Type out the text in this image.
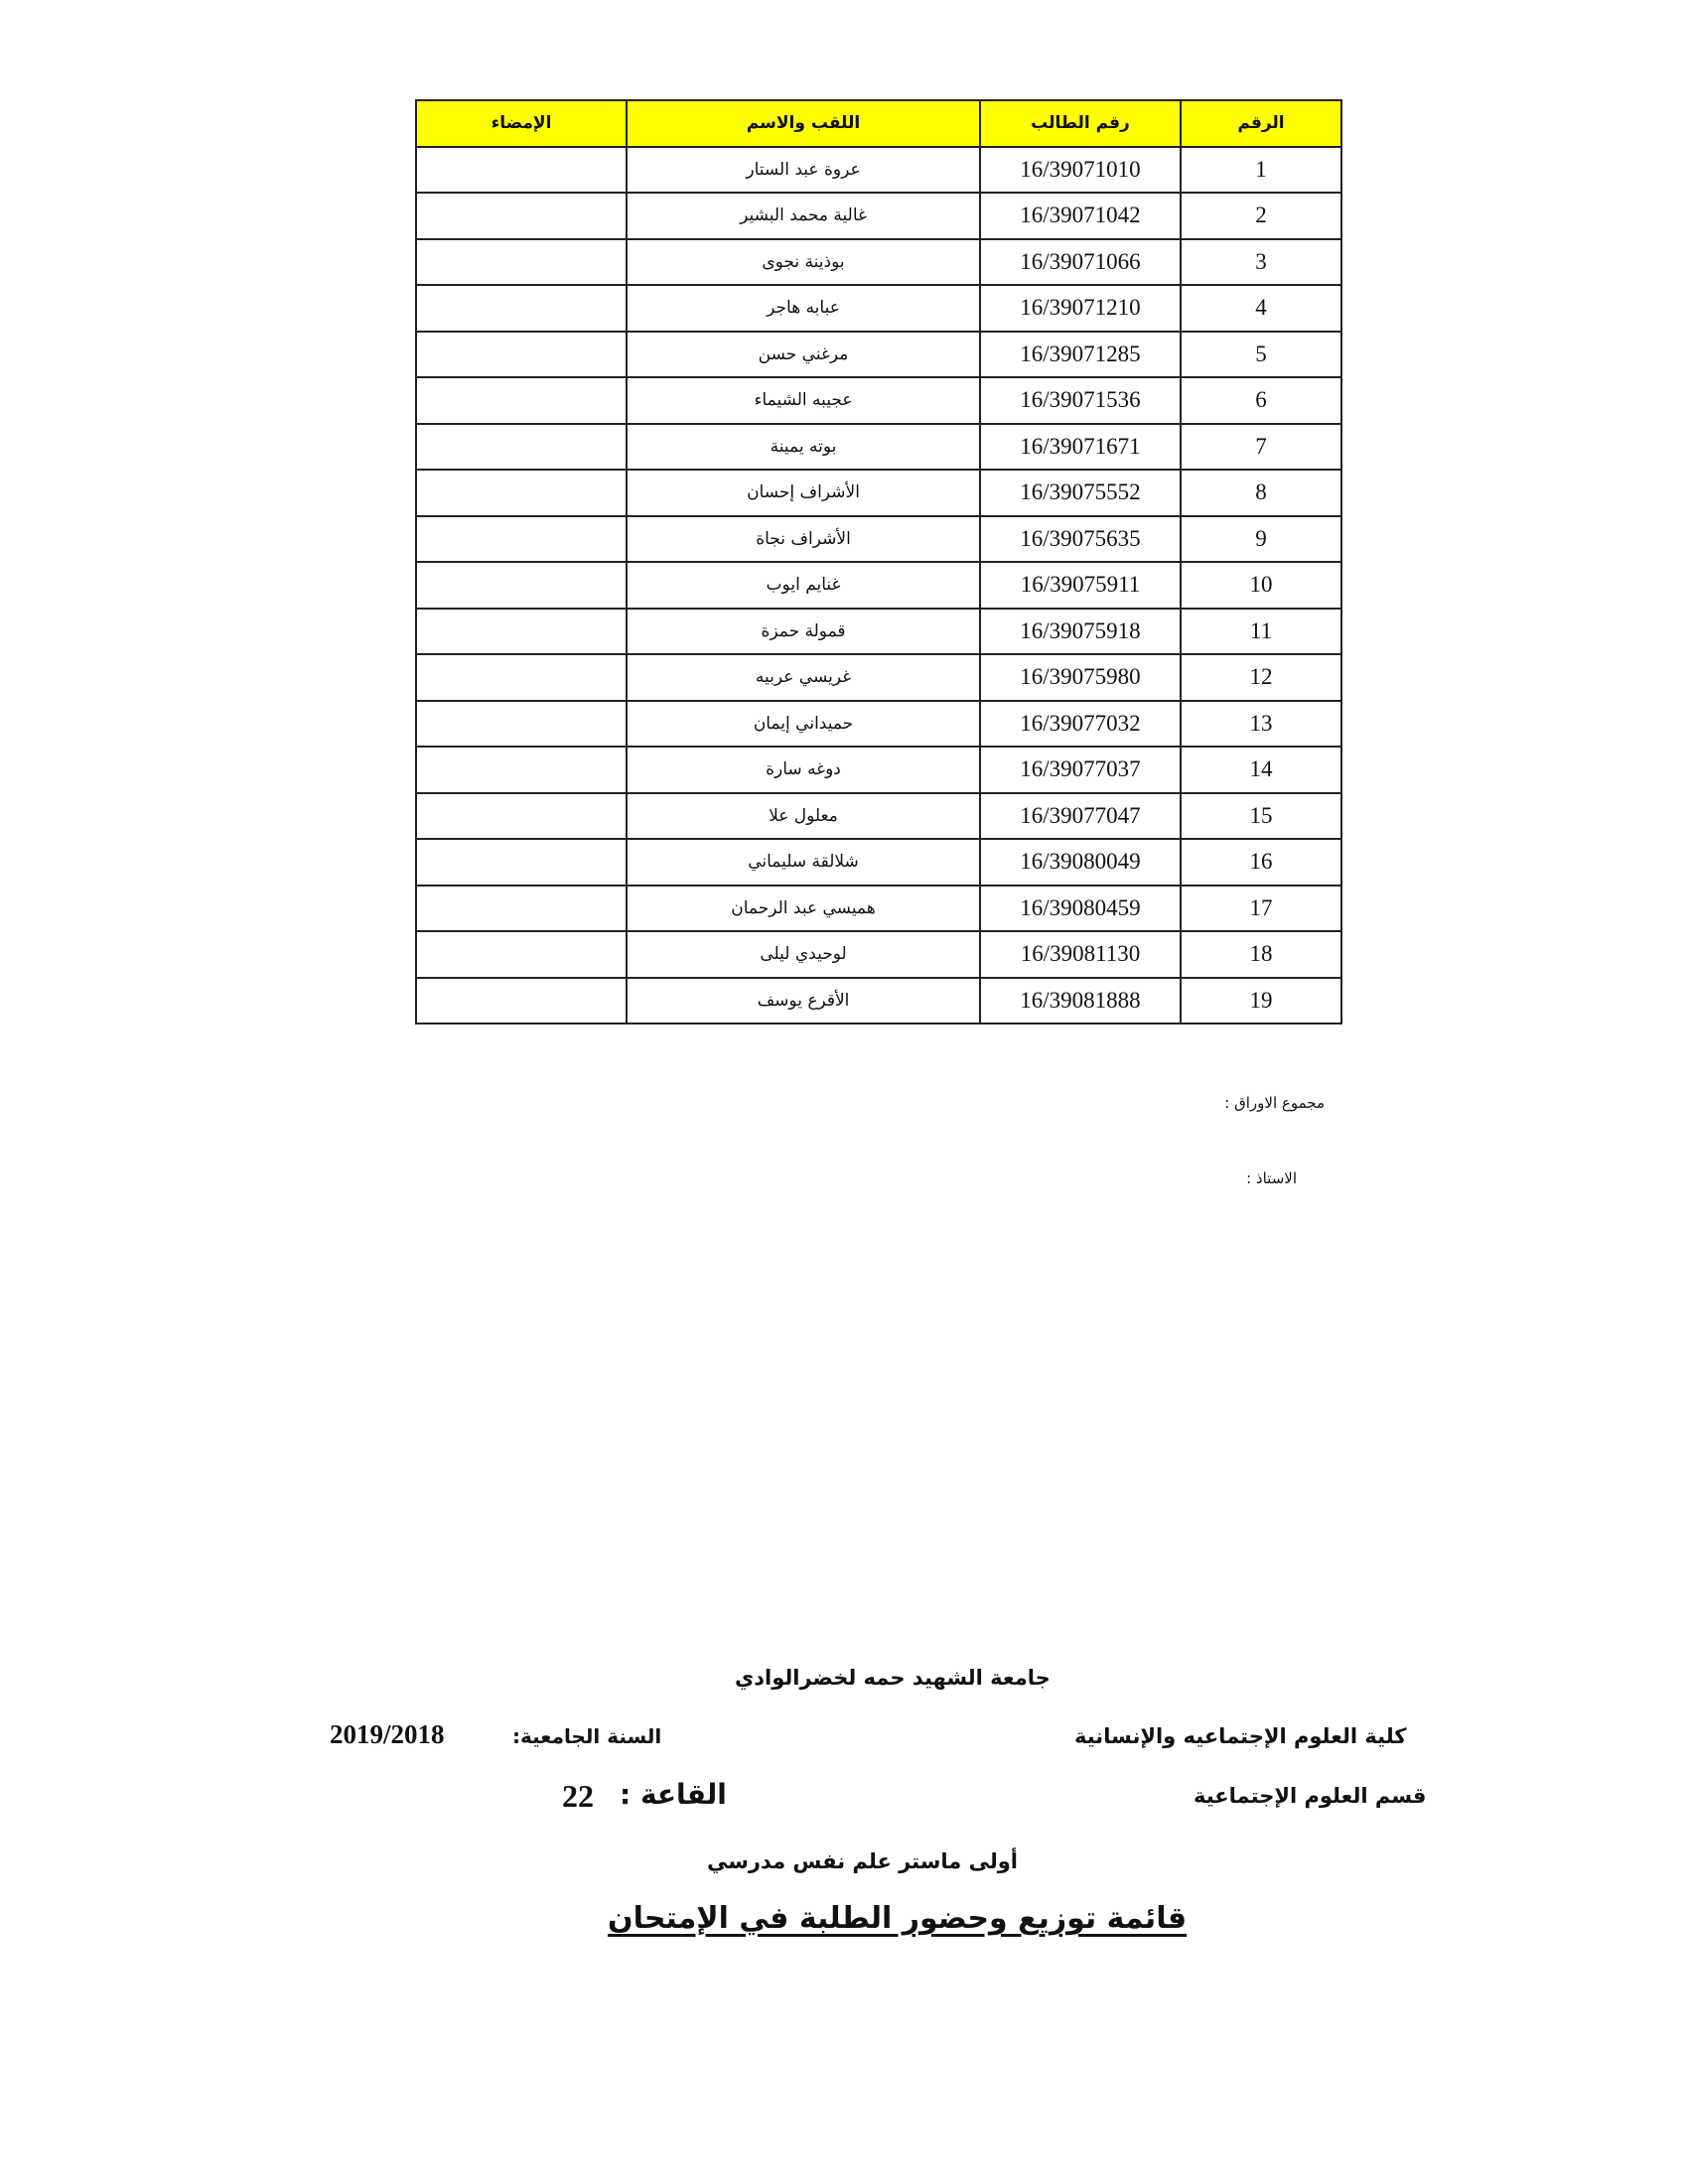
الرقم	رقم الطالب	اللقب والاسم	الإمضاء
1	16/39071010	عروة عبد الستار	
2	16/39071042	غالية محمد البشير	
3	16/39071066	بوذينة نجوى	
4	16/39071210	عبابه هاجر	
5	16/39071285	مرغني حسن	
6	16/39071536	عجيبه الشيماء	
7	16/39071671	بوته يمينة	
8	16/39075552	الأشراف إحسان	
9	16/39075635	الأشراف نجاة	
10	16/39075911	غنايم ايوب	
11	16/39075918	قمولة حمزة	
12	16/39075980	غريسي عربيه	
13	16/39077032	حميداني إيمان	
14	16/39077037	دوغه سارة	
15	16/39077047	معلول علا	
16	16/39080049	شلالقة سليماني	
17	16/39080459	هميسي عبد الرحمان	
18	16/39081130	لوحيدي ليلى	
19	16/39081888	الأقرع يوسف	
مجموع الاوراق :
الاستاذ :
جامعة الشهيد حمه لخضرالوادي
كلية العلوم الإجتماعيه والإنسانية
السنة الجامعية:
2019/2018
قسم العلوم الإجتماعية
القاعة :
22
أولى ماستر علم نفس مدرسي
قائمة توزيع وحضور الطلبة في الإمتحان
